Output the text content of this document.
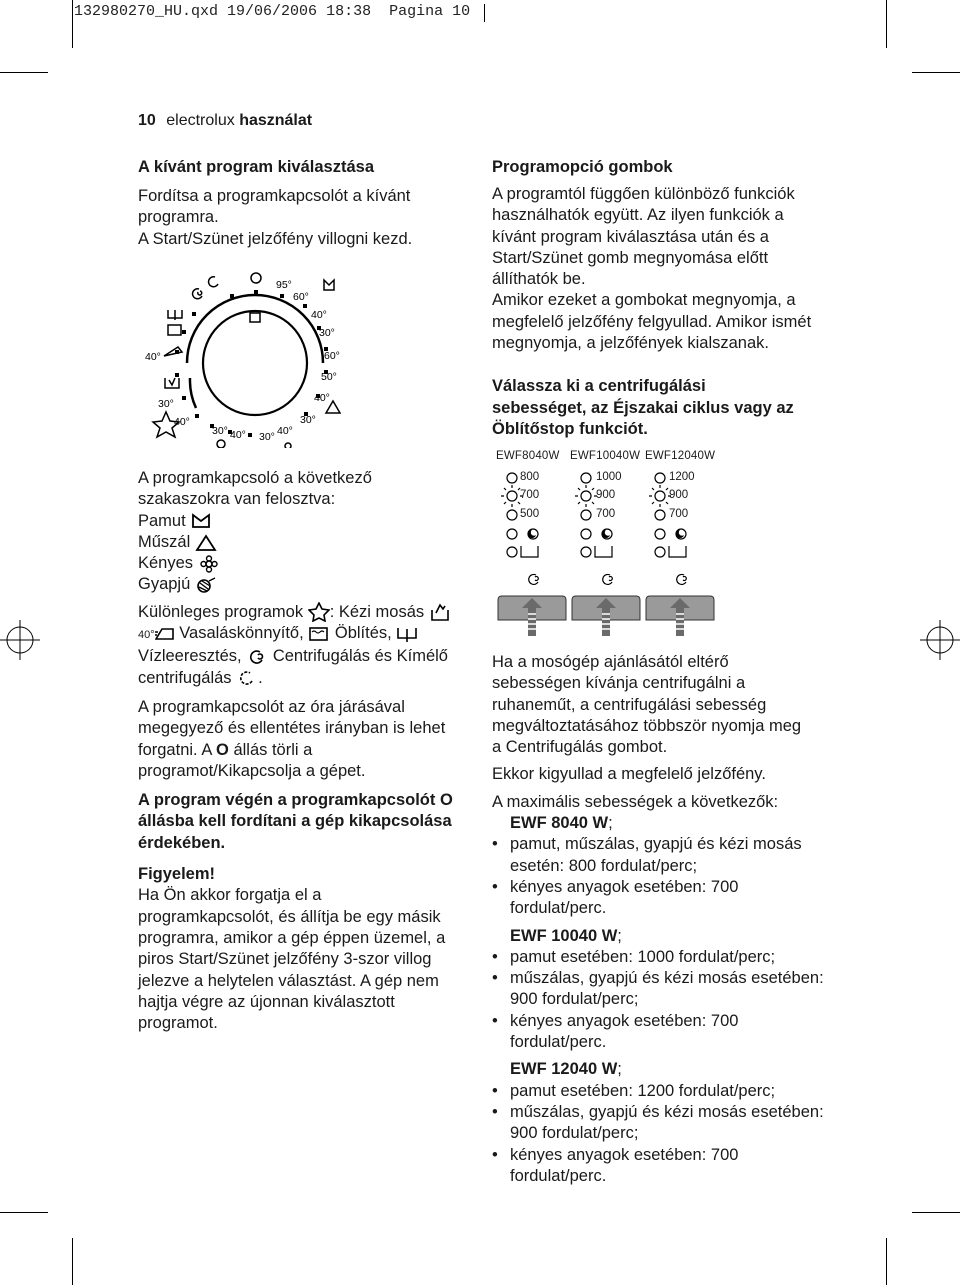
132980270_HU.qxd 19/06/2006 18:38 Pagina 10
10 electrolux használat
A kívánt program kiválasztása

Fordítsa a programkapcsolót a kívánt

programra.

A Start/Szünet jelzőfény villogni kezd.

95°
60°
40°
30°
60°
50°
40°
30°
40°
30°
40°
30°
40°
30°
40°

A programkapcsoló a következő

szakaszokra van felosztva:

Pamut

Műszál

Kényes

Gyapjú

Különleges programok : Kézi mosás

40° Vasaláskönnyítő, Öblítés,

Vízleeresztés, Centrifugálás és Kímélő

centrifugálás .

A programkapcsolót az óra járásával

megegyező és ellentétes irányban is lehet

forgatni. A O állás törli a

programot/Kikapcsolja a gépet.

A program végén a programkapcsolót O

állásba kell fordítani a gép kikapcsolása

érdekében.

Figyelem!

Ha Ön akkor forgatja el a

programkapcsolót, és állítja be egy másik

programra, amikor a gép éppen üzemel, a

piros Start/Szünet jelzőfény 3-szor villog

jelezve a helytelen választást. A gép nem

hajtja végre az újonnan kiválasztott

programot.

Programopció gombok

A programtól függően különböző funkciók

használhatók együtt. Az ilyen funkciók a

kívánt program kiválasztása után és a

Start/Szünet gomb megnyomása előtt

állíthatók be.

Amikor ezeket a gombokat megnyomja, a

megfelelő jelzőfény felgyullad. Amikor ismét

megnyomja, a jelzőfények kialszanak.

Válassza ki a centrifugálási

sebességet, az Éjszakai ciklus vagy az

Öblítőstop funkciót.

EWF8040W EWF10040W EWF12040W
800
700
500
1000
900
700
1200
900
700

Ha a mosógép ajánlásától eltérő

sebességen kívánja centrifugálni a

ruhaneműt, a centrifugálási sebesség

megváltoztatásához többször nyomja meg

a Centrifugálás gombot.

Ekkor kigyullad a megfelelő jelzőfény.

A maximális sebességek a következők:

EWF 8040 W;
• pamut, műszálas, gyapjú és kézi mosás
esetén: 800 fordulat/perc;
• kényes anyagok esetében: 700
fordulat/perc.
EWF 10040 W;
• pamut esetében: 1000 fordulat/perc;
• műszálas, gyapjú és kézi mosás esetében:
900 fordulat/perc;
• kényes anyagok esetében: 700
fordulat/perc.
EWF 12040 W;
• pamut esetében: 1200 fordulat/perc;
• műszálas, gyapjú és kézi mosás esetében:
900 fordulat/perc;
• kényes anyagok esetében: 700
fordulat/perc.
